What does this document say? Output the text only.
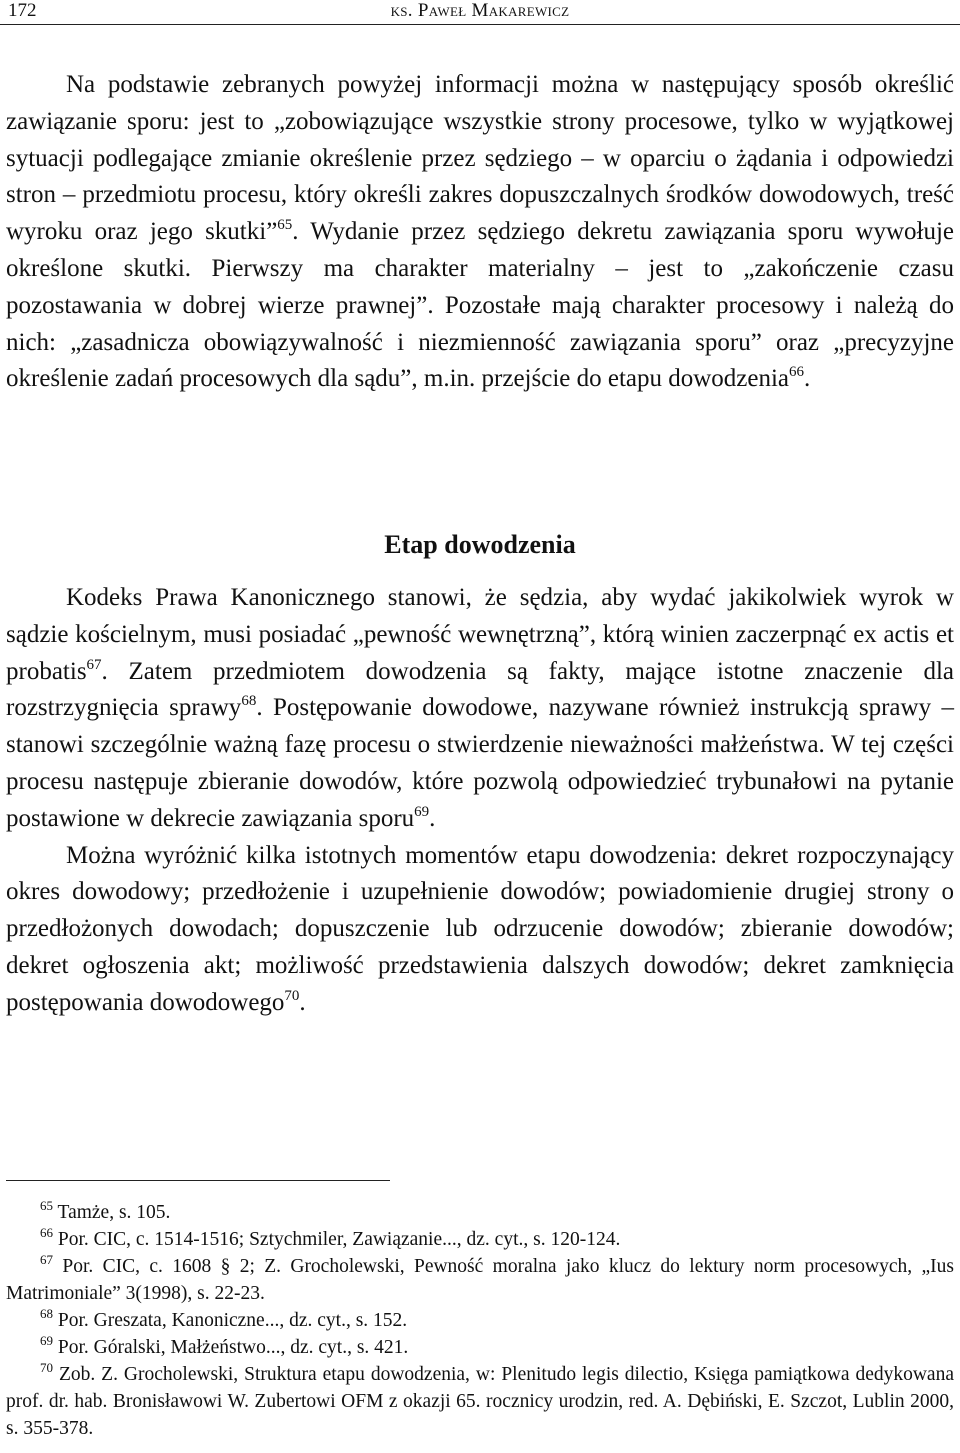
172	ks. Paweł Makarewicz

Na podstawie zebranych powyżej informacji można w następujący sposób określić zawiązanie sporu: jest to „zobowiązujące wszystkie strony procesowe, tylko w wyjątkowej sytuacji podlegające zmianie określenie przez sędziego – w oparciu o żądania i odpowiedzi stron – przedmiotu procesu, który określi zakres dopuszczalnych środków dowodowych, treść wyroku oraz jego skutki”$^{65}$. Wydanie przez sędziego dekretu zawiązania sporu wywołuje określone skutki. Pierwszy ma charakter materialny – jest to „zakończenie czasu pozostawania w dobrej wierze prawnej”. Pozostałe mają charakter procesowy i należą do nich: „zasadnicza obowiązywalność i niezmienność zawiązania sporu” oraz „precyzyjne określenie zadań procesowych dla sądu”, m.in. przejście do etapu dowodzenia$^{66}$.

Etap dowodzenia

Kodeks Prawa Kanonicznego stanowi, że sędzia, aby wydać jakikolwiek wyrok w sądzie kościelnym, musi posiadać „pewność wewnętrzną”, którą winien zaczerpnąć ex actis et probatis$^{67}$. Zatem przedmiotem dowodzenia są fakty, mające istotne znaczenie dla rozstrzygnięcia sprawy$^{68}$. Postępowanie dowodowe, nazywane również instrukcją sprawy – stanowi szczególnie ważną fazę procesu o stwierdzenie nieważności małżeństwa. W tej części procesu następuje zbieranie dowodów, które pozwolą odpowiedzieć trybunałowi na pytanie postawione w dekrecie zawiązania sporu$^{69}$.

Można wyróżnić kilka istotnych momentów etapu dowodzenia: dekret rozpoczynający okres dowodowy; przedłożenie i uzupełnienie dowodów; powiadomienie drugiej strony o przedłożonych dowodach; dopuszczenie lub odrzucenie dowodów; zbieranie dowodów; dekret ogłoszenia akt; możliwość przedstawienia dalszych dowodów; dekret zamknięcia postępowania dowodowego$^{70}$.

$^{65}$ Tamże, s. 105.

$^{66}$ Por. CIC, c. 1514-1516; Sztychmiler, Zawiązanie..., dz. cyt., s. 120-124.

$^{67}$ Por. CIC, c. 1608 § 2; Z. Grocholewski, Pewność moralna jako klucz do lektury norm procesowych, „Ius Matrimoniale” 3(1998), s. 22-23.

$^{68}$ Por. Greszata, Kanoniczne..., dz. cyt., s. 152.

$^{69}$ Por. Góralski, Małżeństwo..., dz. cyt., s. 421.

$^{70}$ Zob. Z. Grocholewski, Struktura etapu dowodzenia, w: Plenitudo legis dilectio, Księga pamiątkowa dedykowana prof. dr. hab. Bronisławowi W. Zubertowi OFM z okazji 65. rocznicy urodzin, red. A. Dębiński, E. Szczot, Lublin 2000, s. 355-378.
